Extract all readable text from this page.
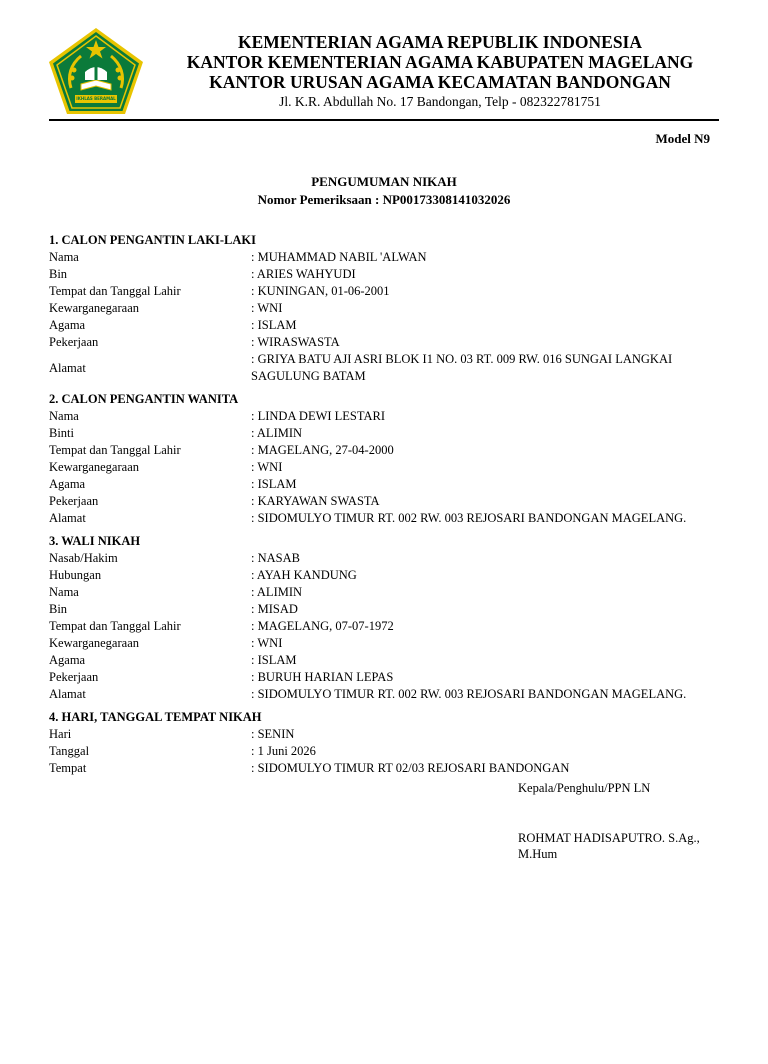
IKHLAS BERAMAL
KEMENTERIAN AGAMA REPUBLIK INDONESIA
KANTOR KEMENTERIAN AGAMA KABUPATEN MAGELANG
KANTOR URUSAN AGAMA KECAMATAN BANDONGAN
Jl. K.R. Abdullah No. 17 Bandongan, Telp - 082322781751
Model N9
PENGUMUMAN NIKAH
Nomor Pemeriksaan : NP00173308141032026
1. CALON PENGANTIN LAKI-LAKI
Nama	: MUHAMMAD NABIL 'ALWAN
Bin	: ARIES WAHYUDI
Tempat dan Tanggal Lahir	: KUNINGAN, 01-06-2001
Kewarganegaraan	: WNI
Agama	: ISLAM
Pekerjaan	: WIRASWASTA
Alamat
: GRIYA BATU AJI ASRI BLOK I1 NO. 03 RT. 009 RW. 016 SUNGAI LANGKAI SAGULUNG BATAM
2. CALON PENGANTIN WANITA
Nama	: LINDA DEWI LESTARI
Binti	: ALIMIN
Tempat dan Tanggal Lahir	: MAGELANG, 27-04-2000
Kewarganegaraan	: WNI
Agama	: ISLAM
Pekerjaan	: KARYAWAN SWASTA
Alamat	: SIDOMULYO TIMUR RT. 002 RW. 003 REJOSARI BANDONGAN MAGELANG.
3. WALI NIKAH
Nasab/Hakim	: NASAB
Hubungan	: AYAH KANDUNG
Nama	: ALIMIN
Bin	: MISAD
Tempat dan Tanggal Lahir	: MAGELANG, 07-07-1972
Kewarganegaraan	: WNI
Agama	: ISLAM
Pekerjaan	: BURUH HARIAN LEPAS
Alamat	: SIDOMULYO TIMUR RT. 002 RW. 003 REJOSARI BANDONGAN MAGELANG.
4. HARI, TANGGAL TEMPAT NIKAH
Hari	: SENIN
Tanggal	: 1 Juni 2026
Tempat	: SIDOMULYO TIMUR RT 02/03 REJOSARI BANDONGAN
Kepala/Penghulu/PPN LN
ROHMAT HADISAPUTRO. S.Ag.,
M.Hum
